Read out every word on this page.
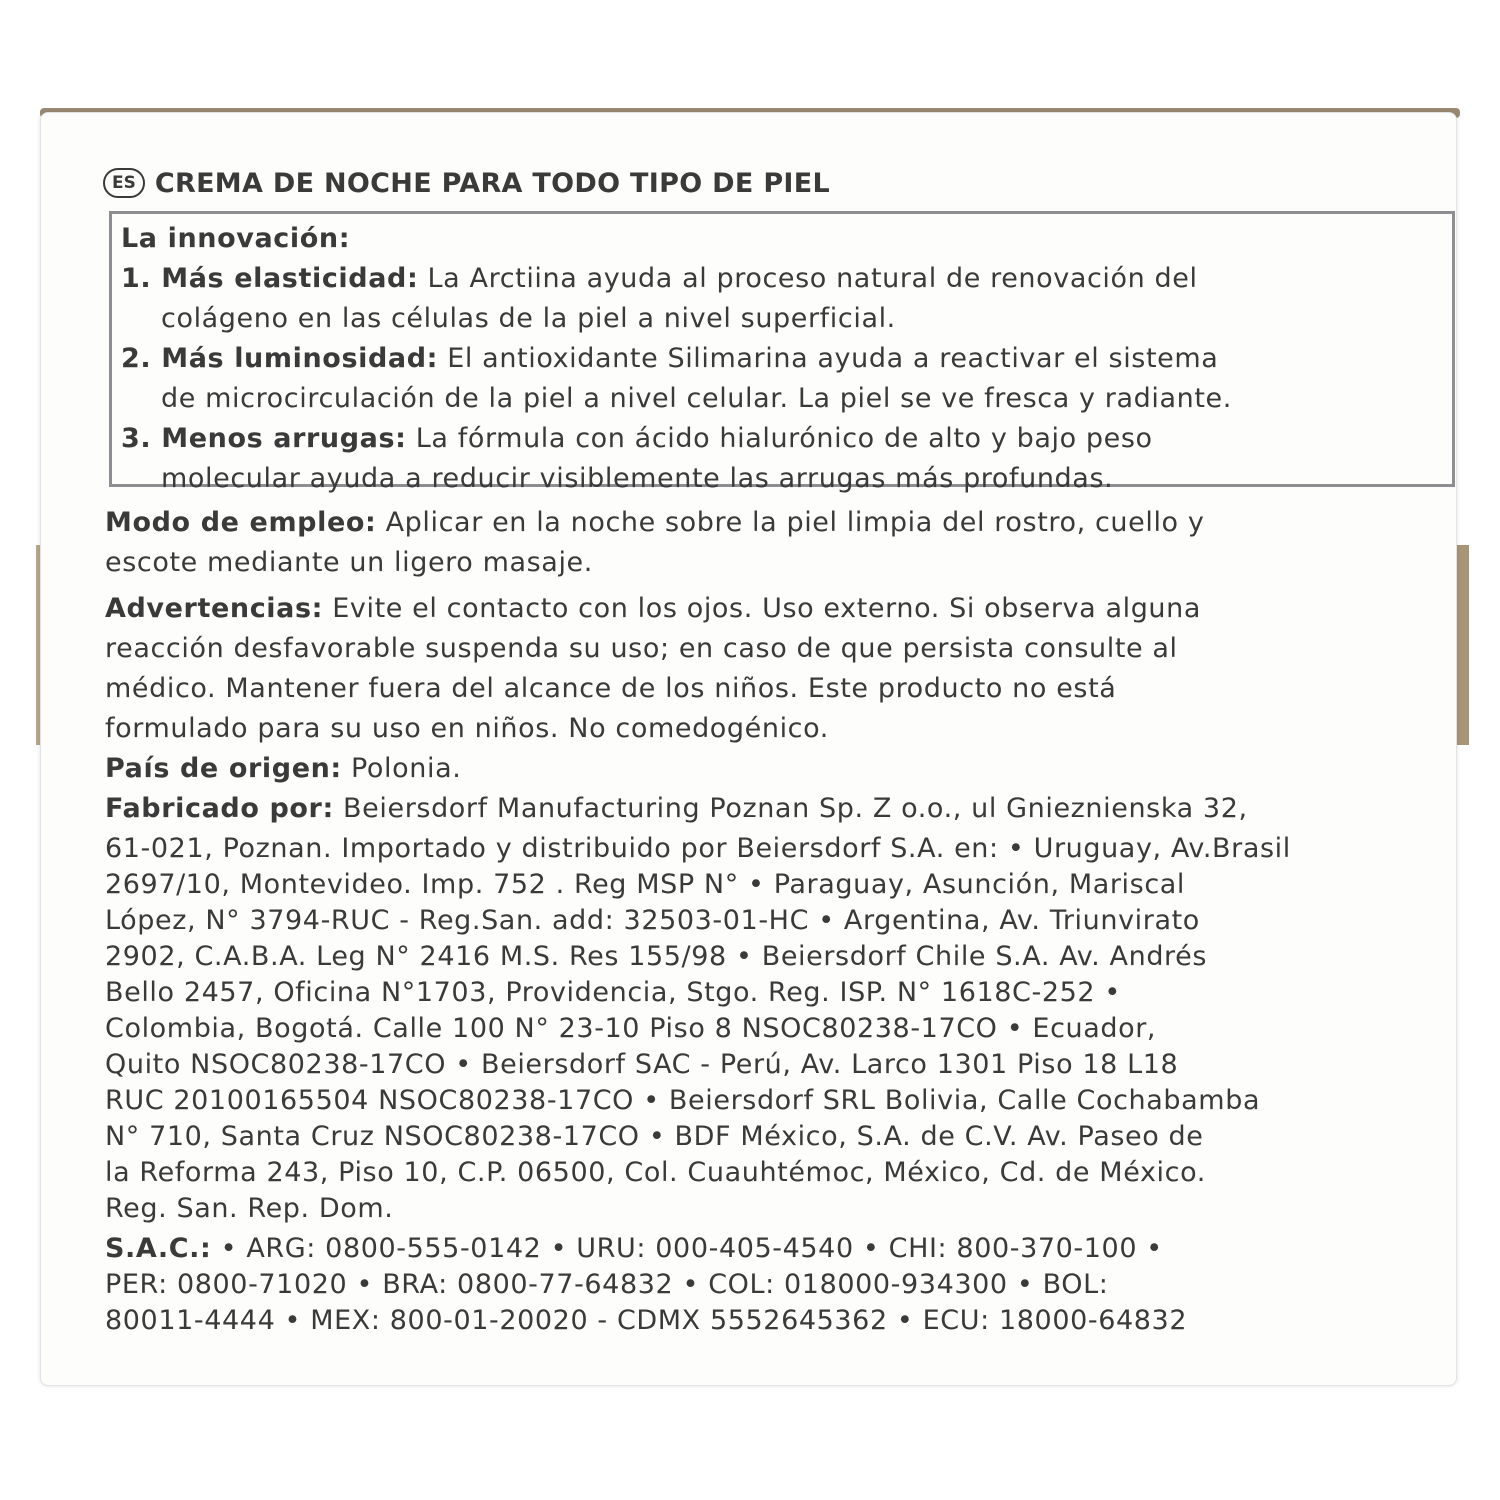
ES CREMA DE NOCHE PARA TODO TIPO DE PIEL
La innovación:
1. Más elasticidad: La Arctiina ayuda al proceso natural de renovación del
colágeno en las células de la piel a nivel superficial.
2. Más luminosidad: El antioxidante Silimarina ayuda a reactivar el sistema
de microcirculación de la piel a nivel celular. La piel se ve fresca y radiante.
3. Menos arrugas: La fórmula con ácido hialurónico de alto y bajo peso
molecular ayuda a reducir visiblemente las arrugas más profundas.
Modo de empleo: Aplicar en la noche sobre la piel limpia del rostro, cuello y
escote mediante un ligero masaje.
Advertencias: Evite el contacto con los ojos. Uso externo. Si observa alguna
reacción desfavorable suspenda su uso; en caso de que persista consulte al
médico. Mantener fuera del alcance de los niños. Este producto no está
formulado para su uso en niños. No comedogénico.
País de origen: Polonia.
Fabricado por: Beiersdorf Manufacturing Poznan Sp. Z o.o., ul Gnieznienska 32,
61-021, Poznan. Importado y distribuido por Beiersdorf S.A. en: • Uruguay, Av.Brasil
2697/10, Montevideo. Imp. 752 . Reg MSP N° • Paraguay, Asunción, Mariscal
López, N° 3794-RUC - Reg.San. add: 32503-01-HC • Argentina, Av. Triunvirato
2902, C.A.B.A. Leg N° 2416 M.S. Res 155/98 • Beiersdorf Chile S.A. Av. Andrés
Bello 2457, Oficina N°1703, Providencia, Stgo. Reg. ISP. N° 1618C-252 •
Colombia, Bogotá. Calle 100 N° 23-10 Piso 8 NSOC80238-17CO • Ecuador,
Quito NSOC80238-17CO • Beiersdorf SAC - Perú, Av. Larco 1301 Piso 18 L18
RUC 20100165504 NSOC80238-17CO • Beiersdorf SRL Bolivia, Calle Cochabamba
N° 710, Santa Cruz NSOC80238-17CO • BDF México, S.A. de C.V. Av. Paseo de
la Reforma 243, Piso 10, C.P. 06500, Col. Cuauhtémoc, México, Cd. de México.
Reg. San. Rep. Dom.
S.A.C.: • ARG: 0800-555-0142 • URU: 000-405-4540 • CHI: 800-370-100 •
PER: 0800-71020 • BRA: 0800-77-64832 • COL: 018000-934300 • BOL:
80011-4444 • MEX: 800-01-20020 - CDMX 5552645362 • ECU: 18000-64832
